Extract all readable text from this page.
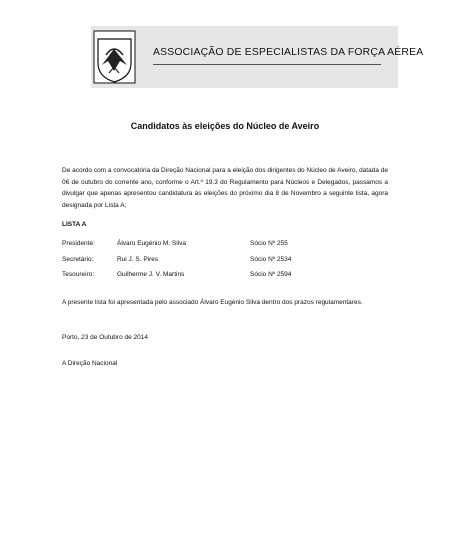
ASSOCIAÇÃO DE ESPECIALISTAS DA FORÇA AÉREA
Candidatos às eleições do Núcleo de Aveiro
De acordo com a convocatória da Direção Nacional para a eleição dos dirigentes do Núcleo de Aveiro, datada de 06 de outubro do corrente ano, conforme o Art.º 19.3 do Regulamento para Núcleos e Delegados, passamos a divulgar que apenas apresentou candidatura às eleições do próximo dia 8 de Novembro a seguinte lista, agora designada por Lista A;
LISTA A
Presidente:	Álvaro Eugénio M. Silva	Sócio Nº 255
Secretário:	Rui J. S. Pires	Sócio Nº 2534
Tesoureiro:	Guilherme J. V. Martins	Sócio Nº 2594
A presente lista foi apresentada pelo associado Álvaro Eugénio Silva dentro dos prazos regulamentares.
Porto, 23 de Outubro de 2014
A Direção Nacional
